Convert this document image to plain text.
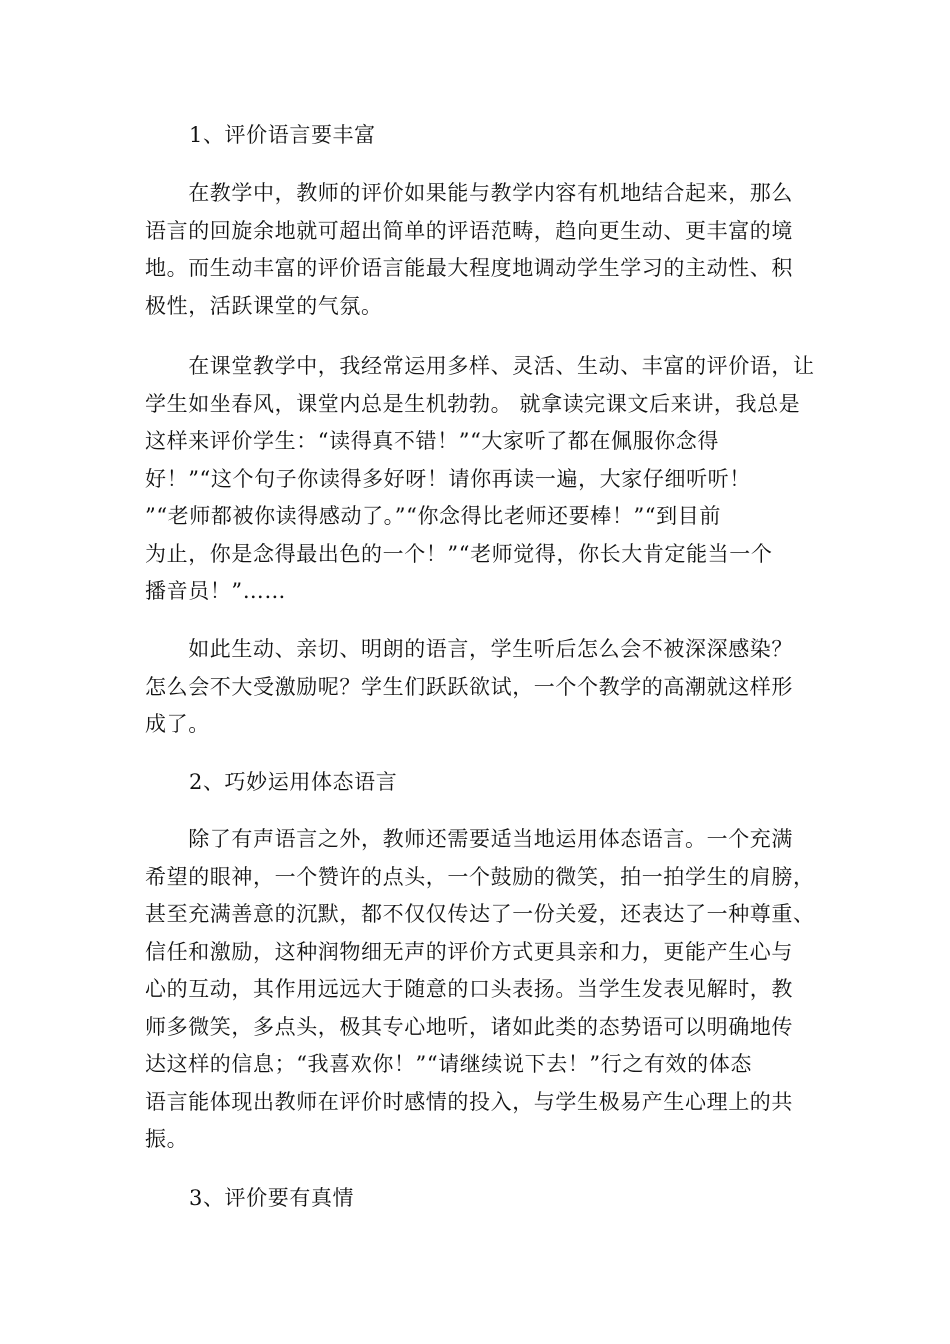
1、评价语言要丰富
　　在教学中，教师的评价如果能与教学内容有机地结合起来，那么
语言的回旋余地就可超出简单的评语范畴，趋向更生动、更丰富的境
地。而生动丰富的评价语言能最大程度地调动学生学习的主动性、积
极性，活跃课堂的气氛。
　　在课堂教学中，我经常运用多样、灵活、生动、丰富的评价语，让
学生如坐春风，课堂内总是生机勃勃。 就拿读完课文后来讲，我总是
这样来评价学生：“读得真不错！”“大家听了都在佩服你念得
好！”“这个句子你读得多好呀！请你再读一遍，大家仔细听听！
”“老师都被你读得感动了。”“你念得比老师还要棒！”“到目前
为止，你是念得最出色的一个！”“老师觉得，你长大肯定能当一个
播音员！”……
　　如此生动、亲切、明朗的语言，学生听后怎么会不被深深感染？
怎么会不大受激励呢？学生们跃跃欲试，一个个教学的高潮就这样形
成了。
2、巧妙运用体态语言
　　除了有声语言之外，教师还需要适当地运用体态语言。一个充满
希望的眼神，一个赞许的点头，一个鼓励的微笑，拍一拍学生的肩膀，
甚至充满善意的沉默，都不仅仅传达了一份关爱，还表达了一种尊重、
信任和激励，这种润物细无声的评价方式更具亲和力，更能产生心与
心的互动，其作用远远大于随意的口头表扬。当学生发表见解时，教
师多微笑，多点头，极其专心地听，诸如此类的态势语可以明确地传
达这样的信息；“我喜欢你！”“请继续说下去！”行之有效的体态
语言能体现出教师在评价时感情的投入，与学生极易产生心理上的共
振。
3、评价要有真情
